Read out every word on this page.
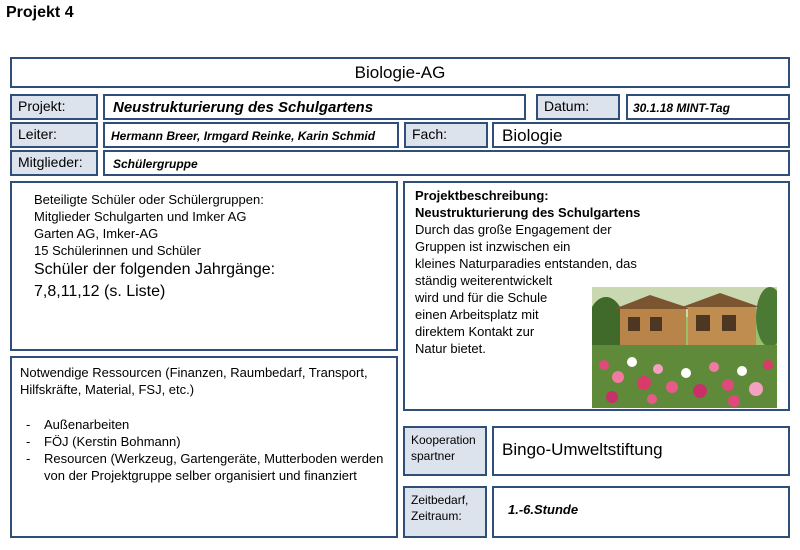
Projekt 4
Biologie-AG
Projekt:	Neustrukturierung des Schulgartens	Datum:	30.1.18 MINT-Tag
Leiter:	Hermann Breer, Irmgard Reinke, Karin Schmid	Fach:	Biologie
Mitglieder:	Schülergruppe
Beteiligte Schüler oder Schülergruppen:
Mitglieder Schulgarten und Imker AG
Garten AG, Imker-AG
15 Schülerinnen und Schüler
Schüler der folgenden Jahrgänge:
7,8,11,12 (s. Liste)
Projektbeschreibung:
Neustrukturierung des Schulgartens
Durch das große Engagement der
Gruppen ist inzwischen ein
kleines Naturparadies entstanden, das
ständig weiterentwickelt
wird und für die Schule
einen Arbeitsplatz mit
direktem Kontakt zur
Natur bietet.
Notwendige Ressourcen (Finanzen, Raumbedarf, Transport,
Hilfskräfte, Material, FSJ, etc.)
- Außenarbeiten
- FÖJ (Kerstin Bohmann)
- Resourcen (Werkzeug, Gartengeräte, Mutterboden werden von der Projektgruppe selber organisiert und finanziert
Kooperationspartner	Bingo-Umweltstiftung
Zeitbedarf, Zeitraum:	1.-6.Stunde
